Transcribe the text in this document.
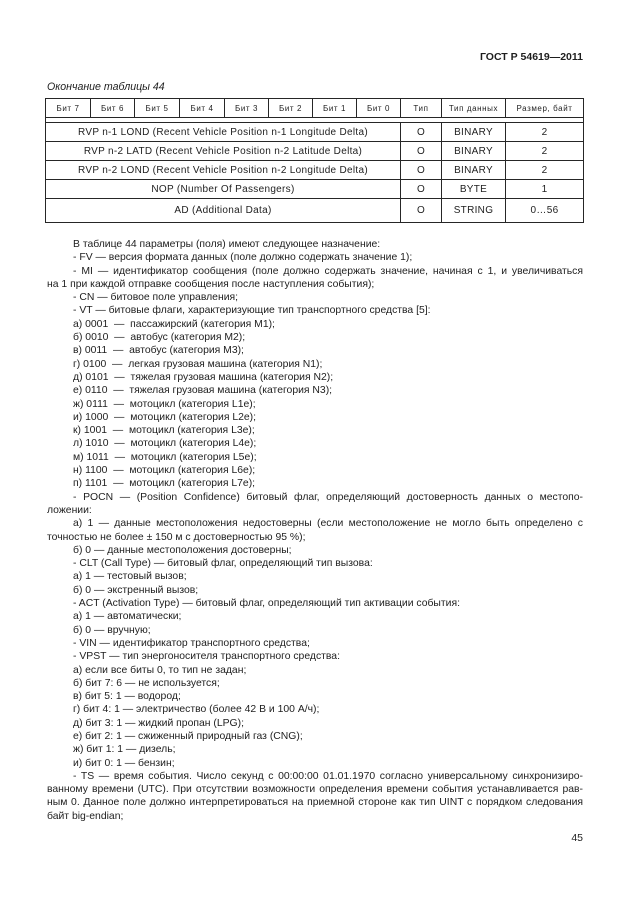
ГОСТ Р 54619—2011
Окончание таблицы 44
Бит 7	Бит 6	Бит 5	Бит 4	Бит 3	Бит 2	Бит 1	Бит 0	Тип	Тип данных	Размер, байт

RVP n-1 LOND (Recent Vehicle Position n-1 Longitude Delta)								O	BINARY	2
RVP n-2 LATD (Recent Vehicle Position n-2 Latitude Delta)								O	BINARY	2
RVP n-2 LOND (Recent Vehicle Position n-2 Longitude Delta)								O	BINARY	2
NOP (Number Of Passengers)								O	BYTE	1
AD (Additional Data)								O	STRING	0…56
В таблице 44 параметры (поля) имеют следующее назначение:
- FV — версия формата данных (поле должно содержать значение 1);
- MI — идентификатор сообщения (поле должно содержать значение, начиная с 1, и увеличиваться
на 1 при каждой отправке сообщения после наступления события);
- CN — битовое поле управления;
- VT — битовые флаги, характеризующие тип транспортного средства [5]:
а) 0001  —  пассажирский (категория M1);
б) 0010  —  автобус (категория M2);
в) 0011  —  автобус (категория M3);
г) 0100  —  легкая грузовая машина (категория N1);
д) 0101  —  тяжелая грузовая машина (категория N2);
е) 0110  —  тяжелая грузовая машина (категория N3);
ж) 0111  —  мотоцикл (категория L1e);
и) 1000  —  мотоцикл (категория L2e);
к) 1001  —  мотоцикл (категория L3e);
л) 1010  —  мотоцикл (категория L4e);
м) 1011  —  мотоцикл (категория L5e);
н) 1100  —  мотоцикл (категория L6e);
п) 1101  —  мотоцикл (категория L7e);
- POCN — (Position Confidence) битовый флаг, определяющий достоверность данных о местопо-
ложении:
а) 1 — данные местоположения недостоверны (если местоположение не могло быть определено с
точностью не более ± 150 м с достоверностью 95 %);
б) 0 — данные местоположения достоверны;
- CLT (Call Type) — битовый флаг, определяющий тип вызова:
а) 1 — тестовый вызов;
б) 0 — экстренный вызов;
- ACT (Activation Type) — битовый флаг, определяющий тип активации события:
а) 1 — автоматически;
б) 0 — вручную;
- VIN — идентификатор транспортного средства;
- VPST — тип энергоносителя транспортного средства:
а) если все биты 0, то тип не задан;
б) бит 7: 6 — не используется;
в) бит 5: 1 — водород;
г) бит 4: 1 — электричество (более 42 В и 100 А/ч);
д) бит 3: 1 — жидкий пропан (LPG);
е) бит 2: 1 — сжиженный природный газ (CNG);
ж) бит 1: 1 — дизель;
и) бит 0: 1 — бензин;
- TS — время события. Число секунд с 00:00:00 01.01.1970 согласно универсальному синхронизиро-
ванному времени (UTC). При отсутствии возможности определения времени события устанавливается рав-
ным 0. Данное поле должно интерпретироваться на приемной стороне как тип UINT с порядком следования
байт big-endian;
45
